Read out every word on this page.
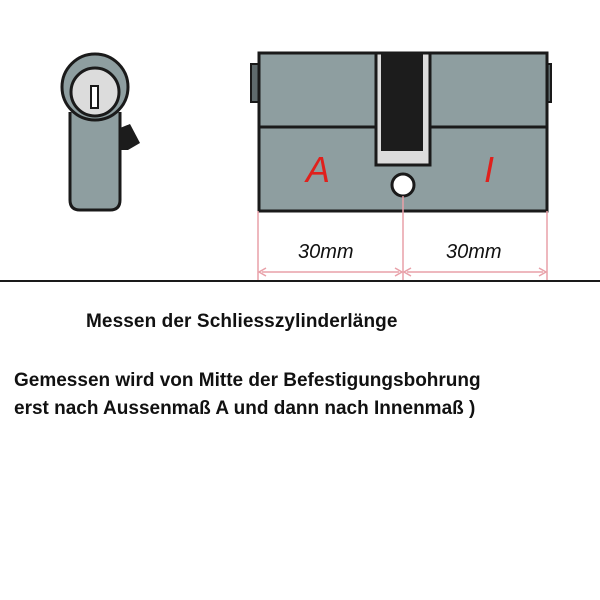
A	I
30mm	30mm
Messen der Schliesszylinderlänge
Gemessen wird von Mitte der Befestigungsbohrung
erst nach Aussenmaß A und dann nach Innenmaß )
